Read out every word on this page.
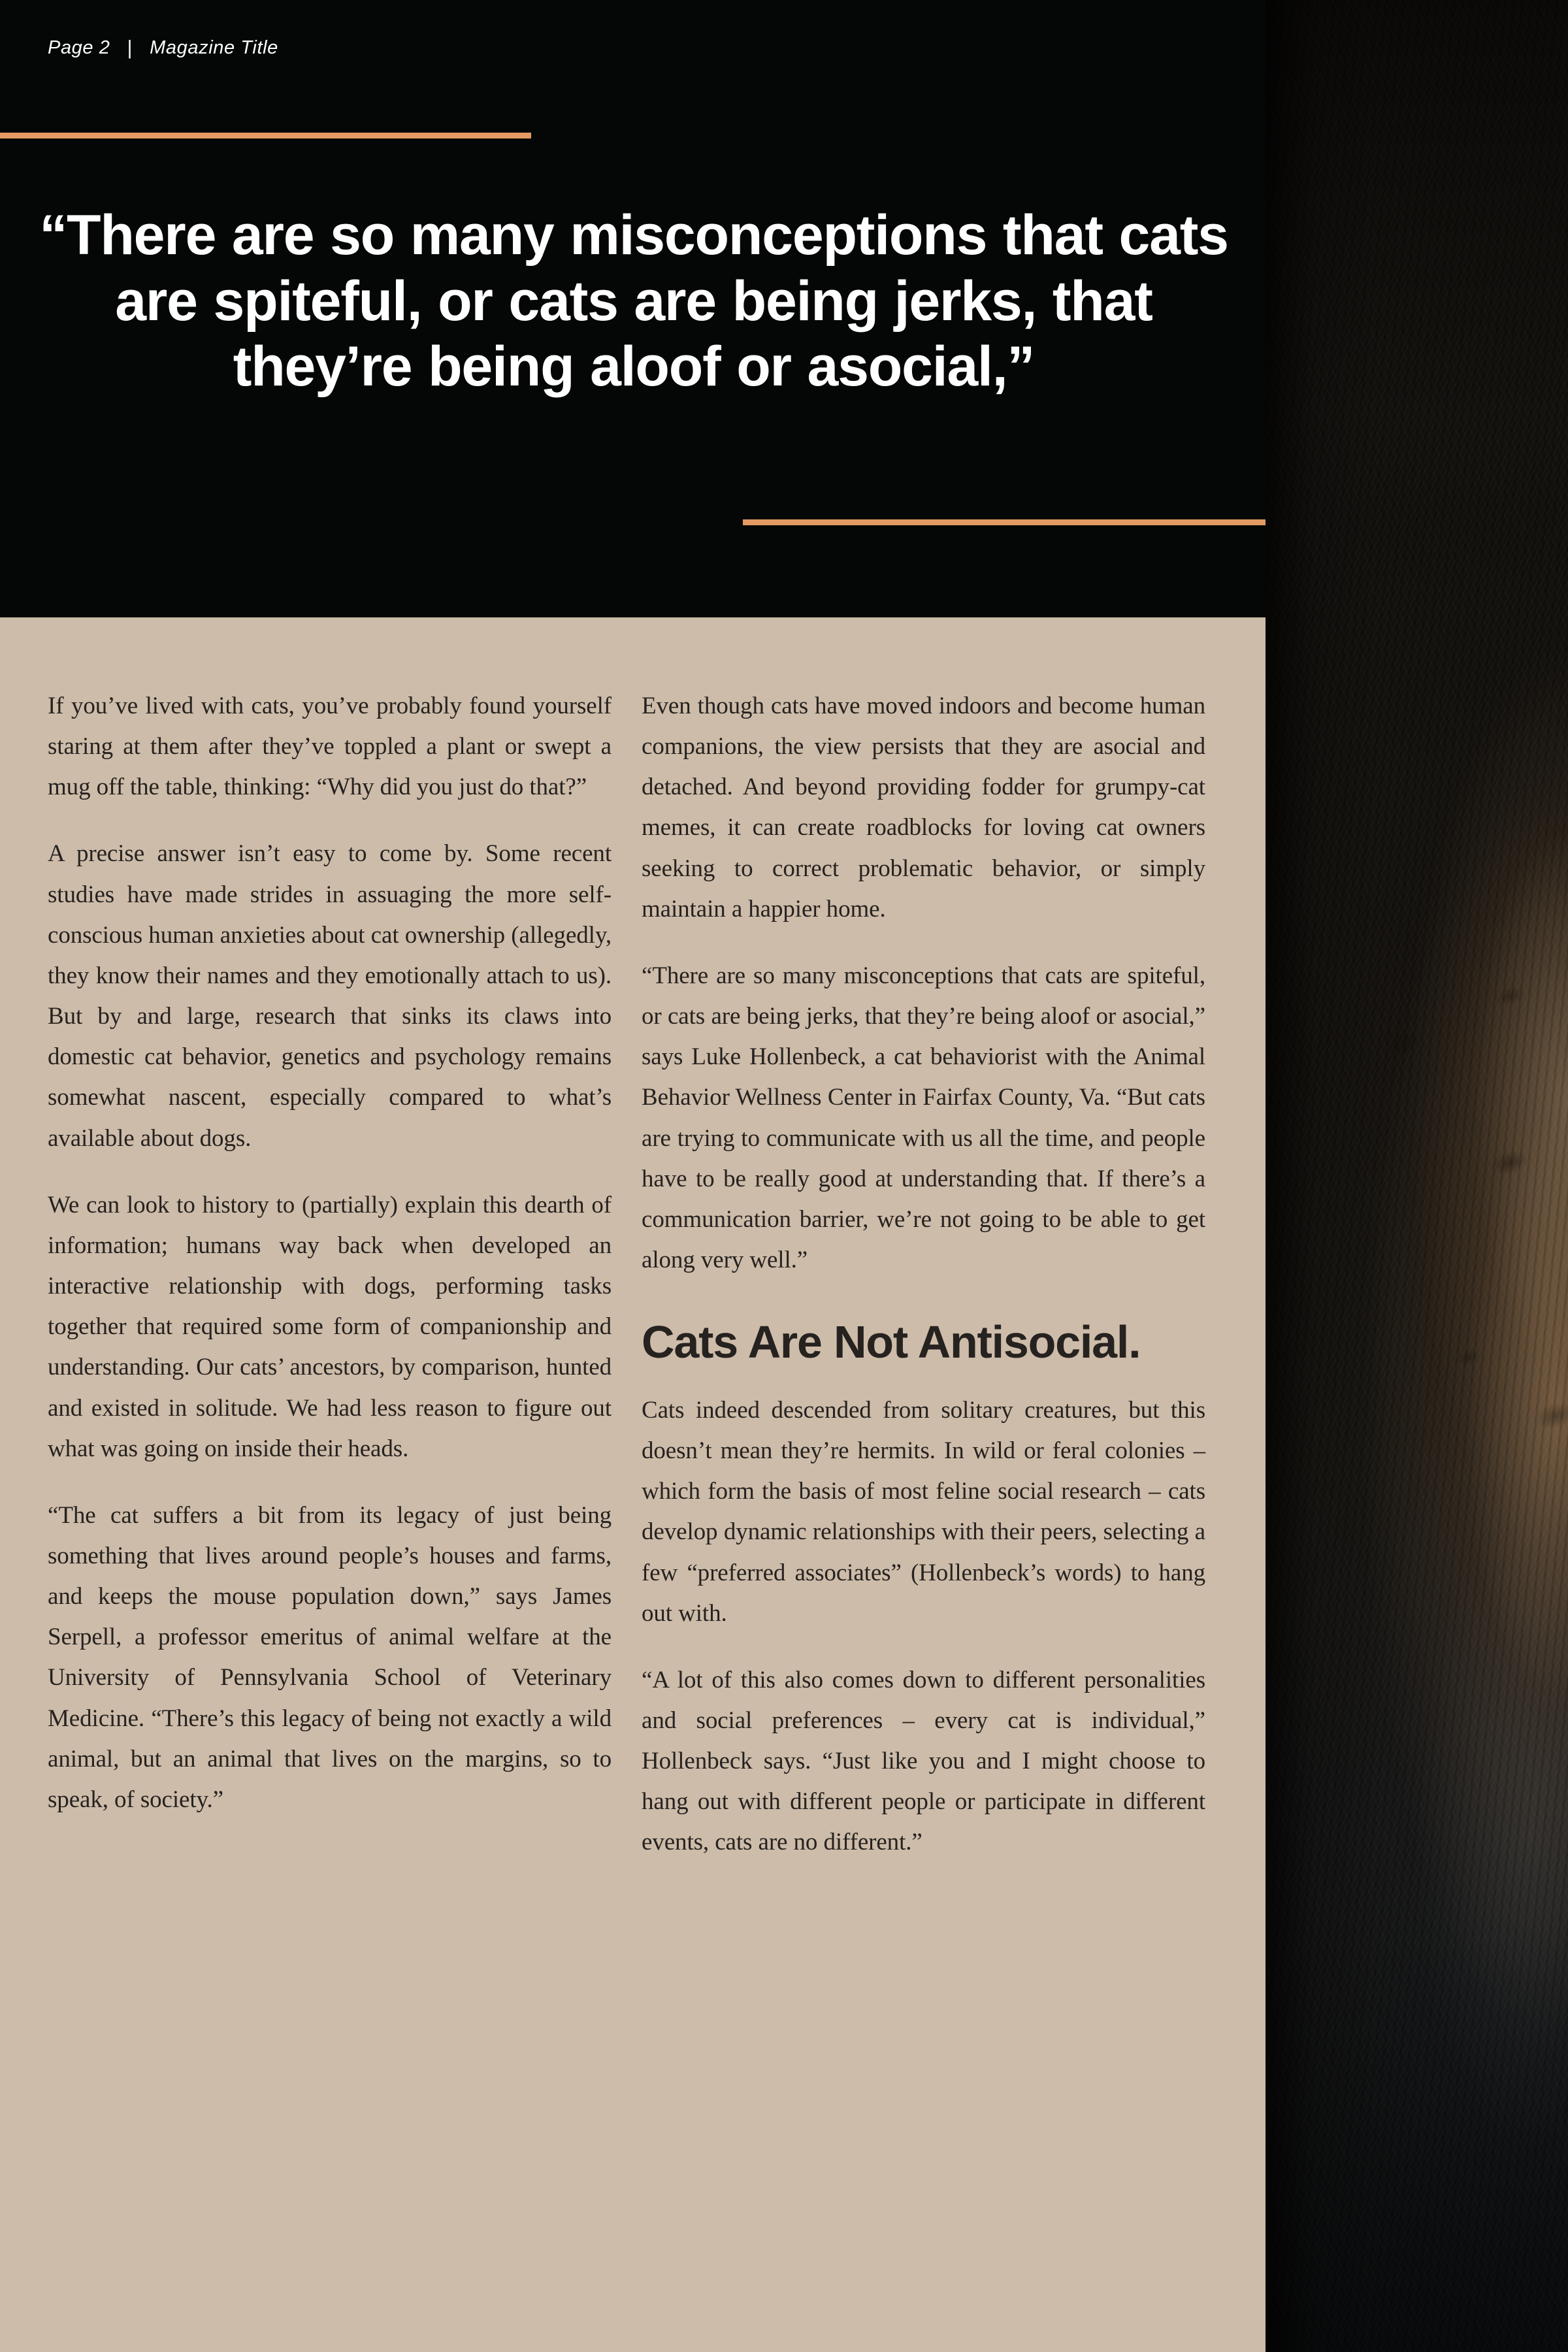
Page 2 | Magazine Title
“There are so many misconceptions that cats are spiteful, or cats are being jerks, that they’re being aloof or asocial,”

If you’ve lived with cats, you’ve probably found yourself staring at them after they’ve toppled a plant or swept a mug off the table, thinking: “Why did you just do that?”

A precise answer isn’t easy to come by. Some recent studies have made strides in assuaging the more self-conscious human anxieties about cat ownership (allegedly, they know their names and they emotionally attach to us). But by and large, research that sinks its claws into domestic cat behavior, genetics and psychology remains somewhat nascent, especially compared to what’s available about dogs.

We can look to history to (partially) explain this dearth of information; humans way back when developed an interactive relationship with dogs, performing tasks together that required some form of companionship and understanding. Our cats’ ancestors, by comparison, hunted and existed in solitude. We had less reason to figure out what was going on inside their heads.

“The cat suffers a bit from its legacy of just being something that lives around people’s houses and farms, and keeps the mouse population down,” says James Serpell, a professor emeritus of animal welfare at the University of Pennsylvania School of Veterinary Medicine. “There’s this legacy of being not exactly a wild animal, but an animal that lives on the margins, so to speak, of society.”

Even though cats have moved indoors and become human companions, the view persists that they are asocial and detached. And beyond providing fodder for grumpy-cat memes, it can create roadblocks for loving cat owners seeking to correct problematic behavior, or simply maintain a happier home.

“There are so many misconceptions that cats are spiteful, or cats are being jerks, that they’re being aloof or asocial,” says Luke Hollenbeck, a cat behaviorist with the Animal Behavior Wellness Center in Fairfax County, Va. “But cats are trying to communicate with us all the time, and people have to be really good at understanding that. If there’s a communication barrier, we’re not going to be able to get along very well.”

Cats Are Not Antisocial.

Cats indeed descended from solitary creatures, but this doesn’t mean they’re hermits. In wild or feral colonies –which form the basis of most feline social research – cats develop dynamic relationships with their peers, selecting a few “preferred associates” (Hollenbeck’s words) to hang out with.

“A lot of this also comes down to different personalities and social preferences – every cat is individual,” Hollenbeck says. “Just like you and I might choose to hang out with different people or participate in different events, cats are no different.”
